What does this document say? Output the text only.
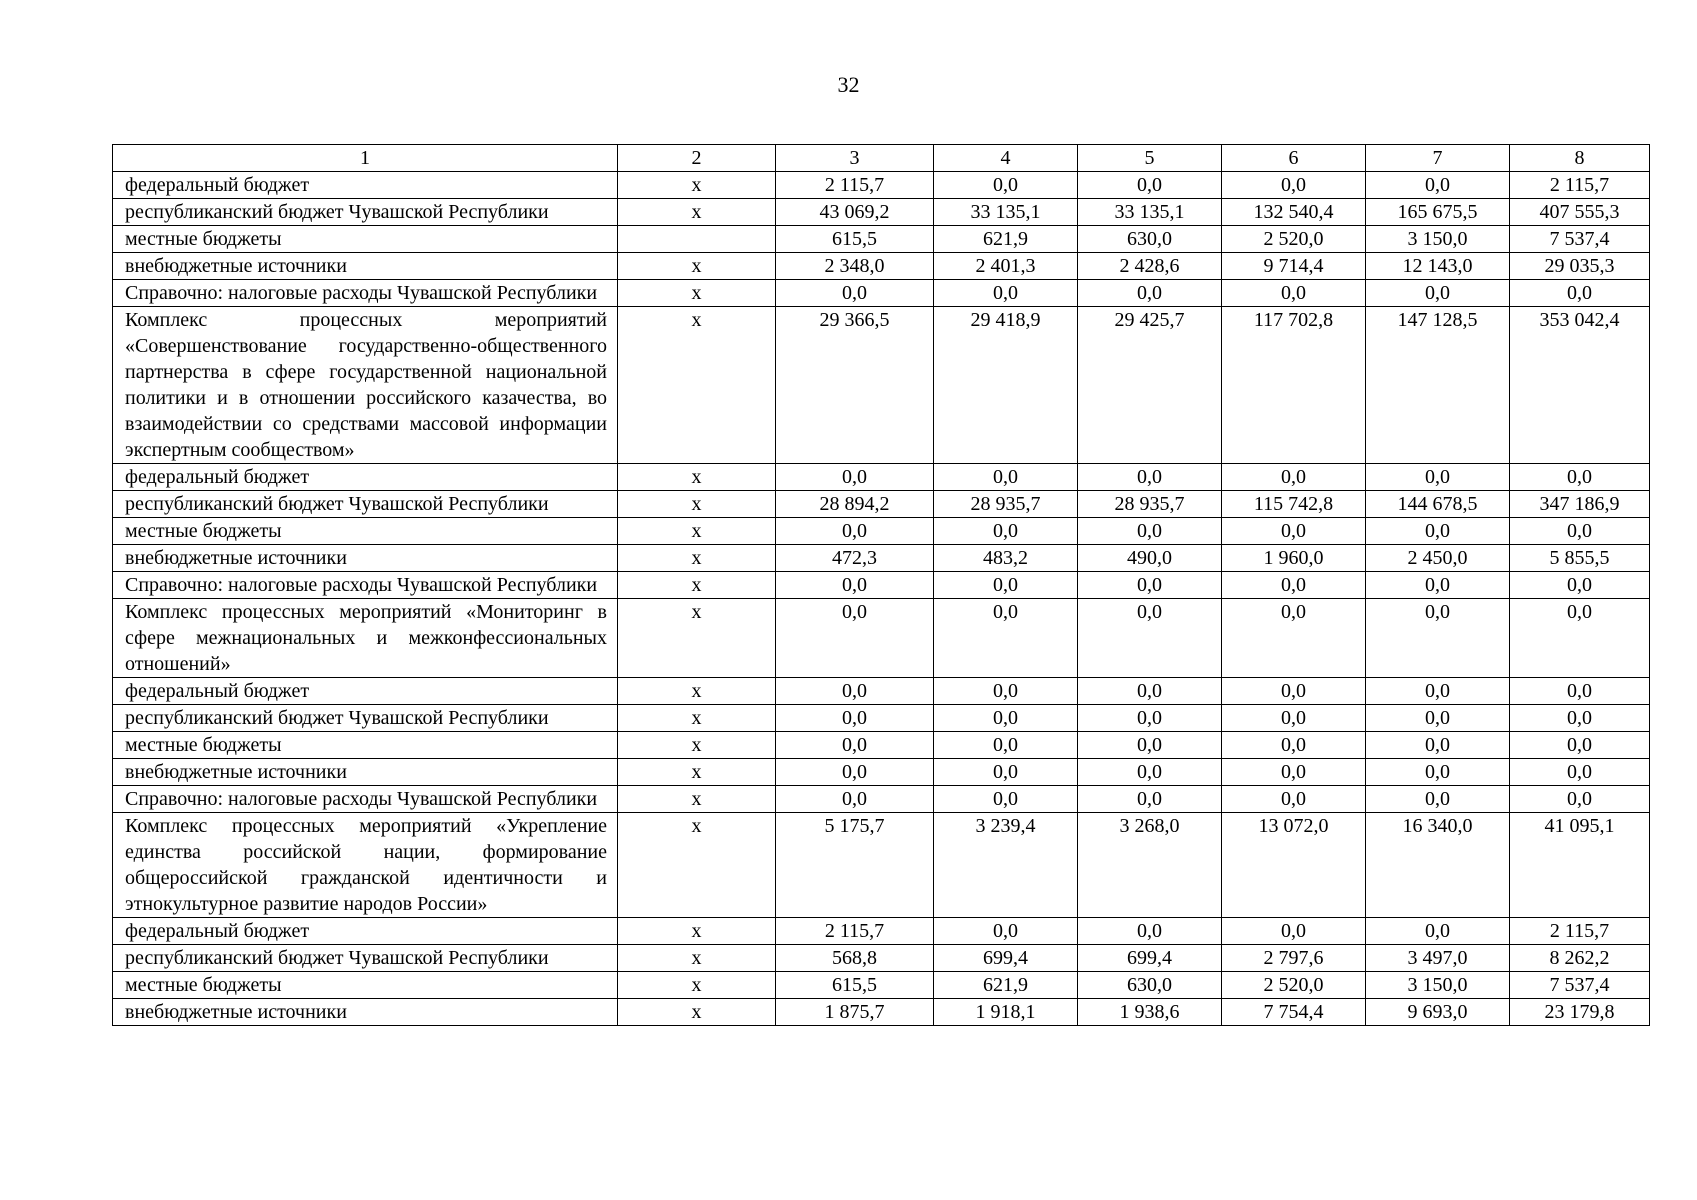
32
1	2	3	4	5	6	7	8
федеральный бюджет	х	2 115,7	0,0	0,0	0,0	0,0	2 115,7
республиканский бюджет Чувашской Республики	х	43 069,2	33 135,1	33 135,1	132 540,4	165 675,5	407 555,3
местные бюджеты		615,5	621,9	630,0	2 520,0	3 150,0	7 537,4
внебюджетные источники	х	2 348,0	2 401,3	2 428,6	9 714,4	12 143,0	29 035,3
Справочно: налоговые расходы Чувашской Республики	х	0,0	0,0	0,0	0,0	0,0	0,0
Комплекс процессных мероприятий «Совершенствование государственно-общественного партнерства в сфере государственной национальной политики и в отношении российского казачества, во взаимодействии со средствами массовой информации экспертным сообществом»	х	29 366,5	29 418,9	29 425,7	117 702,8	147 128,5	353 042,4
федеральный бюджет	х	0,0	0,0	0,0	0,0	0,0	0,0
республиканский бюджет Чувашской Республики	х	28 894,2	28 935,7	28 935,7	115 742,8	144 678,5	347 186,9
местные бюджеты	х	0,0	0,0	0,0	0,0	0,0	0,0
внебюджетные источники	х	472,3	483,2	490,0	1 960,0	2 450,0	5 855,5
Справочно: налоговые расходы Чувашской Республики	х	0,0	0,0	0,0	0,0	0,0	0,0
Комплекс процессных мероприятий «Мониторинг в сфере межнациональных и межконфессиональных отношений»	х	0,0	0,0	0,0	0,0	0,0	0,0
федеральный бюджет	х	0,0	0,0	0,0	0,0	0,0	0,0
республиканский бюджет Чувашской Республики	х	0,0	0,0	0,0	0,0	0,0	0,0
местные бюджеты	х	0,0	0,0	0,0	0,0	0,0	0,0
внебюджетные источники	х	0,0	0,0	0,0	0,0	0,0	0,0
Справочно: налоговые расходы Чувашской Республики	х	0,0	0,0	0,0	0,0	0,0	0,0
Комплекс процессных мероприятий «Укрепление единства российской нации, формирование общероссийской гражданской идентичности и этнокультурное развитие народов России»	х	5 175,7	3 239,4	3 268,0	13 072,0	16 340,0	41 095,1
федеральный бюджет	х	2 115,7	0,0	0,0	0,0	0,0	2 115,7
республиканский бюджет Чувашской Республики	х	568,8	699,4	699,4	2 797,6	3 497,0	8 262,2
местные бюджеты	х	615,5	621,9	630,0	2 520,0	3 150,0	7 537,4
внебюджетные источники	х	1 875,7	1 918,1	1 938,6	7 754,4	9 693,0	23 179,8
